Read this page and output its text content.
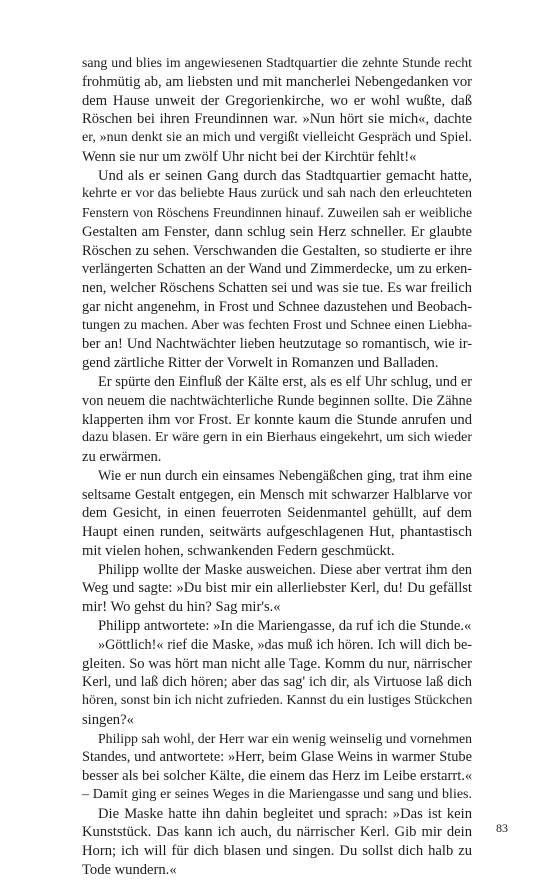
sang und blies im angewiesenen Stadtquartier die zehnte Stunde recht
frohmütig ab, am liebsten und mit mancherlei Nebengedanken vor
dem Hause unweit der Gregorienkirche, wo er wohl wußte, daß
Röschen bei ihren Freundinnen war. »Nun hört sie mich«, dachte
er, »nun denkt sie an mich und vergißt vielleicht Gespräch und Spiel.
Wenn sie nur um zwölf Uhr nicht bei der Kirchtür fehlt!«
Und als er seinen Gang durch das Stadtquartier gemacht hatte,
kehrte er vor das beliebte Haus zurück und sah nach den erleuchteten
Fenstern von Röschens Freundinnen hinauf. Zuweilen sah er weibliche
Gestalten am Fenster, dann schlug sein Herz schneller. Er glaubte
Röschen zu sehen. Verschwanden die Gestalten, so studierte er ihre
verlängerten Schatten an der Wand und Zimmerdecke, um zu erken-
nen, welcher Röschens Schatten sei und was sie tue. Es war freilich
gar nicht angenehm, in Frost und Schnee dazustehen und Beobach-
tungen zu machen. Aber was fechten Frost und Schnee einen Liebha-
ber an! Und Nachtwächter lieben heutzutage so romantisch, wie ir-
gend zärtliche Ritter der Vorwelt in Romanzen und Balladen.
Er spürte den Einfluß der Kälte erst, als es elf Uhr schlug, und er
von neuem die nachtwächterliche Runde beginnen sollte. Die Zähne
klapperten ihm vor Frost. Er konnte kaum die Stunde anrufen und
dazu blasen. Er wäre gern in ein Bierhaus eingekehrt, um sich wieder
zu erwärmen.
Wie er nun durch ein einsames Nebengäßchen ging, trat ihm eine
seltsame Gestalt entgegen, ein Mensch mit schwarzer Halblarve vor
dem Gesicht, in einen feuerroten Seidenmantel gehüllt, auf dem
Haupt einen runden, seitwärts aufgeschlagenen Hut, phantastisch
mit vielen hohen, schwankenden Federn geschmückt.
Philipp wollte der Maske ausweichen. Diese aber vertrat ihm den
Weg und sagte: »Du bist mir ein allerliebster Kerl, du! Du gefällst
mir! Wo gehst du hin? Sag mir's.«
Philipp antwortete: »In die Mariengasse, da ruf ich die Stunde.«
»Göttlich!« rief die Maske, »das muß ich hören. Ich will dich be-
gleiten. So was hört man nicht alle Tage. Komm du nur, närrischer
Kerl, und laß dich hören; aber das sag' ich dir, als Virtuose laß dich
hören, sonst bin ich nicht zufrieden. Kannst du ein lustiges Stückchen
singen?«
Philipp sah wohl, der Herr war ein wenig weinselig und vornehmen
Standes, und antwortete: »Herr, beim Glase Weins in warmer Stube
besser als bei solcher Kälte, die einem das Herz im Leibe erstarrt.«
– Damit ging er seines Weges in die Mariengasse und sang und blies.
Die Maske hatte ihn dahin begleitet und sprach: »Das ist kein
Kunststück. Das kann ich auch, du närrischer Kerl. Gib mir dein
Horn; ich will für dich blasen und singen. Du sollst dich halb zu
Tode wundern.«
83
